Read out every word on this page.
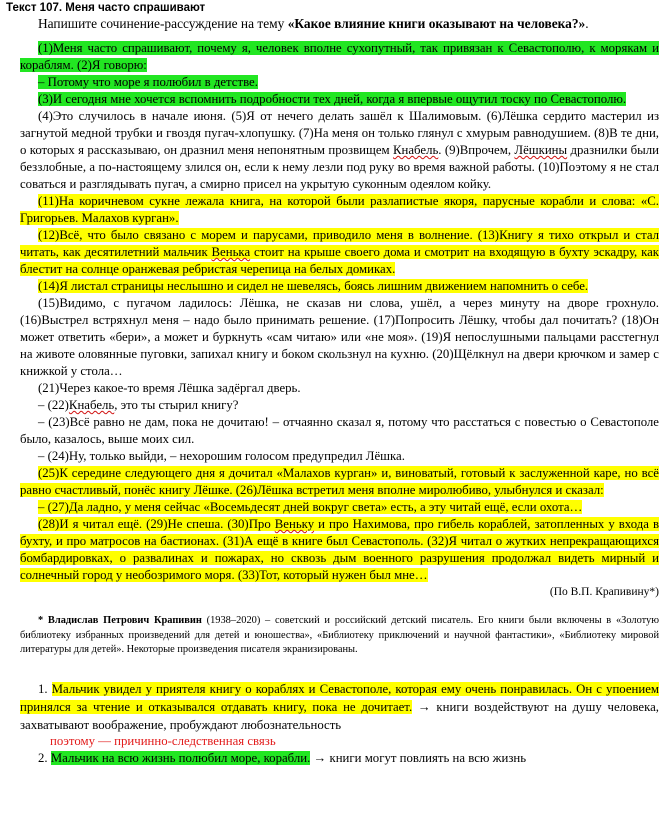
Текст 107. Меня часто спрашивают
Напишите сочинение-рассуждение на тему «Какое влияние книги оказывают на человека?».

(1)Меня часто спрашивают, почему я, человек вполне сухопутный, так привязан к Севастополю, к морякам и кораблям. (2)Я говорю:

– Потому что море я полюбил в детстве.

(3)И сегодня мне хочется вспомнить подробности тех дней, когда я впервые ощутил тоску по Севастополю.

(4)Это случилось в начале июня. (5)Я от нечего делать зашёл к Шалимовым. (6)Лёшка сердито мастерил из загнутой медной трубки и гвоздя пугач-хлопушку. (7)На меня он только глянул с хмурым равнодушием. (8)В те дни, о которых я рассказываю, он дразнил меня непонятным прозвищем Кнабель. (9)Впрочем, Лёшкины дразнилки были беззлобные, а по-настоящему злился он, если к нему лезли под руку во время важной работы. (10)Поэтому я не стал соваться и разглядывать пугач, а смирно присел на укрытую суконным одеялом койку.

(11)На коричневом сукне лежала книга, на которой были разлапистые якоря, парусные корабли и слова: «С. Григорьев. Малахов курган».

(12)Всё, что было связано с морем и парусами, приводило меня в волнение. (13)Книгу я тихо открыл и стал читать, как десятилетний мальчик Венька стоит на крыше своего дома и смотрит на входящую в бухту эскадру, как блестит на солнце оранжевая ребристая черепица на белых домиках.

(14)Я листал страницы неслышно и сидел не шевелясь, боясь лишним движением напомнить о себе.

(15)Видимо, с пугачом ладилось: Лёшка, не сказав ни слова, ушёл, а через минуту на дворе грохнуло. (16)Выстрел встряхнул меня – надо было принимать решение. (17)Попросить Лёшку, чтобы дал почитать? (18)Он может ответить «бери», а может и буркнуть «сам читаю» или «не моя». (19)Я непослушными пальцами расстегнул на животе оловянные пуговки, запихал книгу и боком скользнул на кухню. (20)Щёлкнул на двери крючком и замер с книжкой у стола…

(21)Через какое-то время Лёшка задёргал дверь.

– (22)Кнабель, это ты стырил книгу?

– (23)Всё равно не дам, пока не дочитаю! – отчаянно сказал я, потому что расстаться с повестью о Севастополе было, казалось, выше моих сил.

– (24)Ну, только выйди, – нехорошим голосом предупредил Лёшка.

(25)К середине следующего дня я дочитал «Малахов курган» и, виноватый, готовый к заслуженной каре, но всё равно счастливый, понёс книгу Лёшке. (26)Лёшка встретил меня вполне миролюбиво, улыбнулся и сказал:

– (27)Да ладно, у меня сейчас «Восемьдесят дней вокруг света» есть, а эту читай ещё, если охота…

(28)И я читал ещё. (29)Не спеша. (30)Про Веньку и про Нахимова, про гибель кораблей, затопленных у входа в бухту, и про матросов на бастионах. (31)А ещё в книге был Севастополь. (32)Я читал о жутких непрекращающихся бомбардировках, о развалинах и пожарах, но сквозь дым военного разрушения продолжал видеть мирный и солнечный город у необозримого моря. (33)Тот, который нужен был мне…

(По В.П. Крапивину*)

* Владислав Петрович Крапивин (1938–2020) – советский и российский детский писатель. Его книги были включены в «Золотую библиотеку избранных произведений для детей и юношества», «Библиотеку приключений и научной фантастики», «Библиотеку мировой литературы для детей». Некоторые произведения писателя экранизированы.

1. Мальчик увидел у приятеля книгу о кораблях и Севастополе, которая ему очень понравилась. Он с упоением принялся за чтение и отказывался отдавать книгу, пока не дочитает. → книги воздействуют на душу человека, захватывают воображение, пробуждают любознательность

поэтому — причинно-следственная связь

2. Мальчик на всю жизнь полюбил море, корабли. → книги могут повлиять на всю жизнь
